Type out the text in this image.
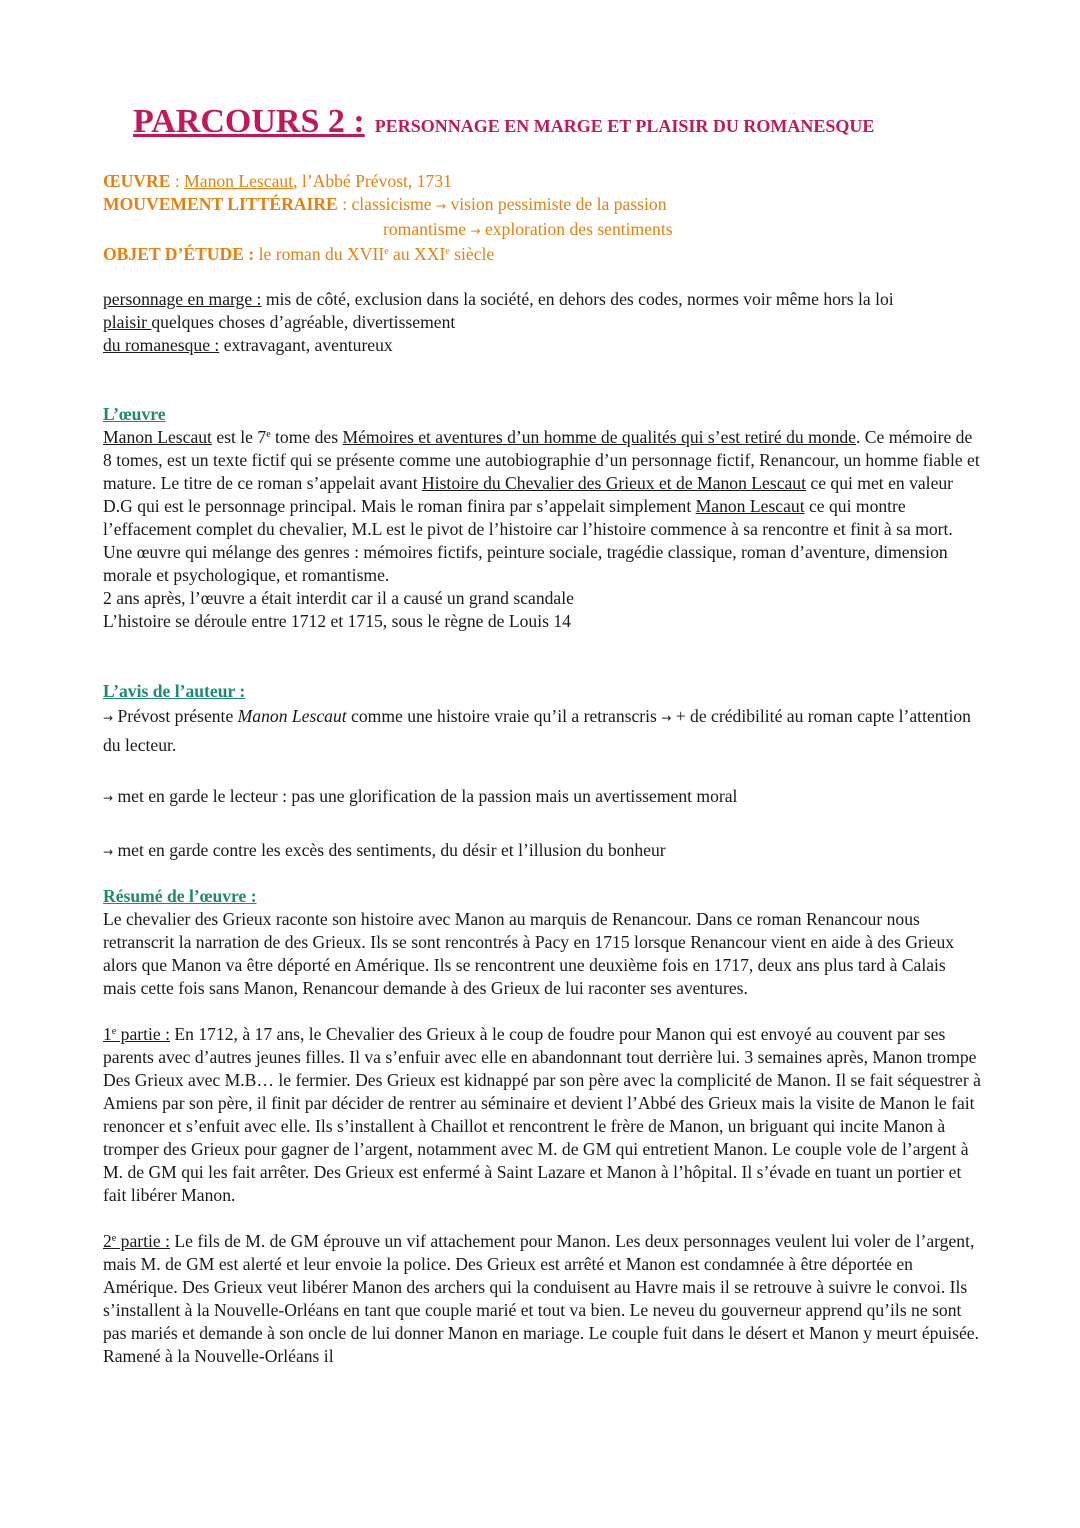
PARCOURS 2 : PERSONNAGE EN MARGE ET PLAISIR DU ROMANESQUE

ŒUVRE : Manon Lescaut, l’Abbé Prévost, 1731

MOUVEMENT LITTÉRAIRE : classicisme → vision pessimiste de la passion

romantisme → exploration des sentiments

OBJET D’ÉTUDE : le roman du XVIIe au XXIe siècle

personnage en marge : mis de côté, exclusion dans la société, en dehors des codes, normes voir même hors la loi

plaisir quelques choses d’agréable, divertissement

du romanesque : extravagant, aventureux

L’œuvre

Manon Lescaut est le 7e tome des Mémoires et aventures d’un homme de qualités qui s’est retiré du monde. Ce mémoire de 8 tomes, est un texte fictif qui se présente comme une autobiographie d’un personnage fictif, Renancour, un homme fiable et mature. Le titre de ce roman s’appelait avant Histoire du Chevalier des Grieux et de Manon Lescaut ce qui met en valeur D.G qui est le personnage principal. Mais le roman finira par s’appelait simplement Manon Lescaut ce qui montre l’effacement complet du chevalier, M.L est le pivot de l’histoire car l’histoire commence à sa rencontre et finit à sa mort.

Une œuvre qui mélange des genres : mémoires fictifs, peinture sociale, tragédie classique, roman d’aventure, dimension morale et psychologique, et romantisme.

2 ans après, l’œuvre a était interdit car il a causé un grand scandale

L’histoire se déroule entre 1712 et 1715, sous le règne de Louis 14

L’avis de l’auteur :

→ Prévost présente Manon Lescaut comme une histoire vraie qu’il a retranscris → + de crédibilité au roman capte l’attention du lecteur.

→ met en garde le lecteur : pas une glorification de la passion mais un avertissement moral

→ met en garde contre les excès des sentiments, du désir et l’illusion du bonheur

Résumé de l’œuvre :

Le chevalier des Grieux raconte son histoire avec Manon au marquis de Renancour. Dans ce roman Renancour nous retranscrit la narration de des Grieux. Ils se sont rencontrés à Pacy en 1715 lorsque Renancour vient en aide à des Grieux alors que Manon va être déporté en Amérique. Ils se rencontrent une deuxième fois en 1717, deux ans plus tard à Calais mais cette fois sans Manon, Renancour demande à des Grieux de lui raconter ses aventures.

1e partie : En 1712, à 17 ans, le Chevalier des Grieux à le coup de foudre pour Manon qui est envoyé au couvent par ses parents avec d’autres jeunes filles. Il va s’enfuir avec elle en abandonnant tout derrière lui. 3 semaines après, Manon trompe Des Grieux avec M.B… le fermier. Des Grieux est kidnappé par son père avec la complicité de Manon. Il se fait séquestrer à Amiens par son père, il finit par décider de rentrer au séminaire et devient l’Abbé des Grieux mais la visite de Manon le fait renoncer et s’enfuit avec elle. Ils s’installent à Chaillot et rencontrent le frère de Manon, un briguant qui incite Manon à tromper des Grieux pour gagner de l’argent, notamment avec M. de GM qui entretient Manon. Le couple vole de l’argent à M. de GM qui les fait arrêter. Des Grieux est enfermé à Saint Lazare et Manon à l’hôpital. Il s’évade en tuant un portier et fait libérer Manon.

2e partie : Le fils de M. de GM éprouve un vif attachement pour Manon. Les deux personnages veulent lui voler de l’argent, mais M. de GM est alerté et leur envoie la police. Des Grieux est arrêté et Manon est condamnée à être déportée en Amérique. Des Grieux veut libérer Manon des archers qui la conduisent au Havre mais il se retrouve à suivre le convoi. Ils s’installent à la Nouvelle-Orléans en tant que couple marié et tout va bien. Le neveu du gouverneur apprend qu’ils ne sont pas mariés et demande à son oncle de lui donner Manon en mariage. Le couple fuit dans le désert et Manon y meurt épuisée. Ramené à la Nouvelle-Orléans il
